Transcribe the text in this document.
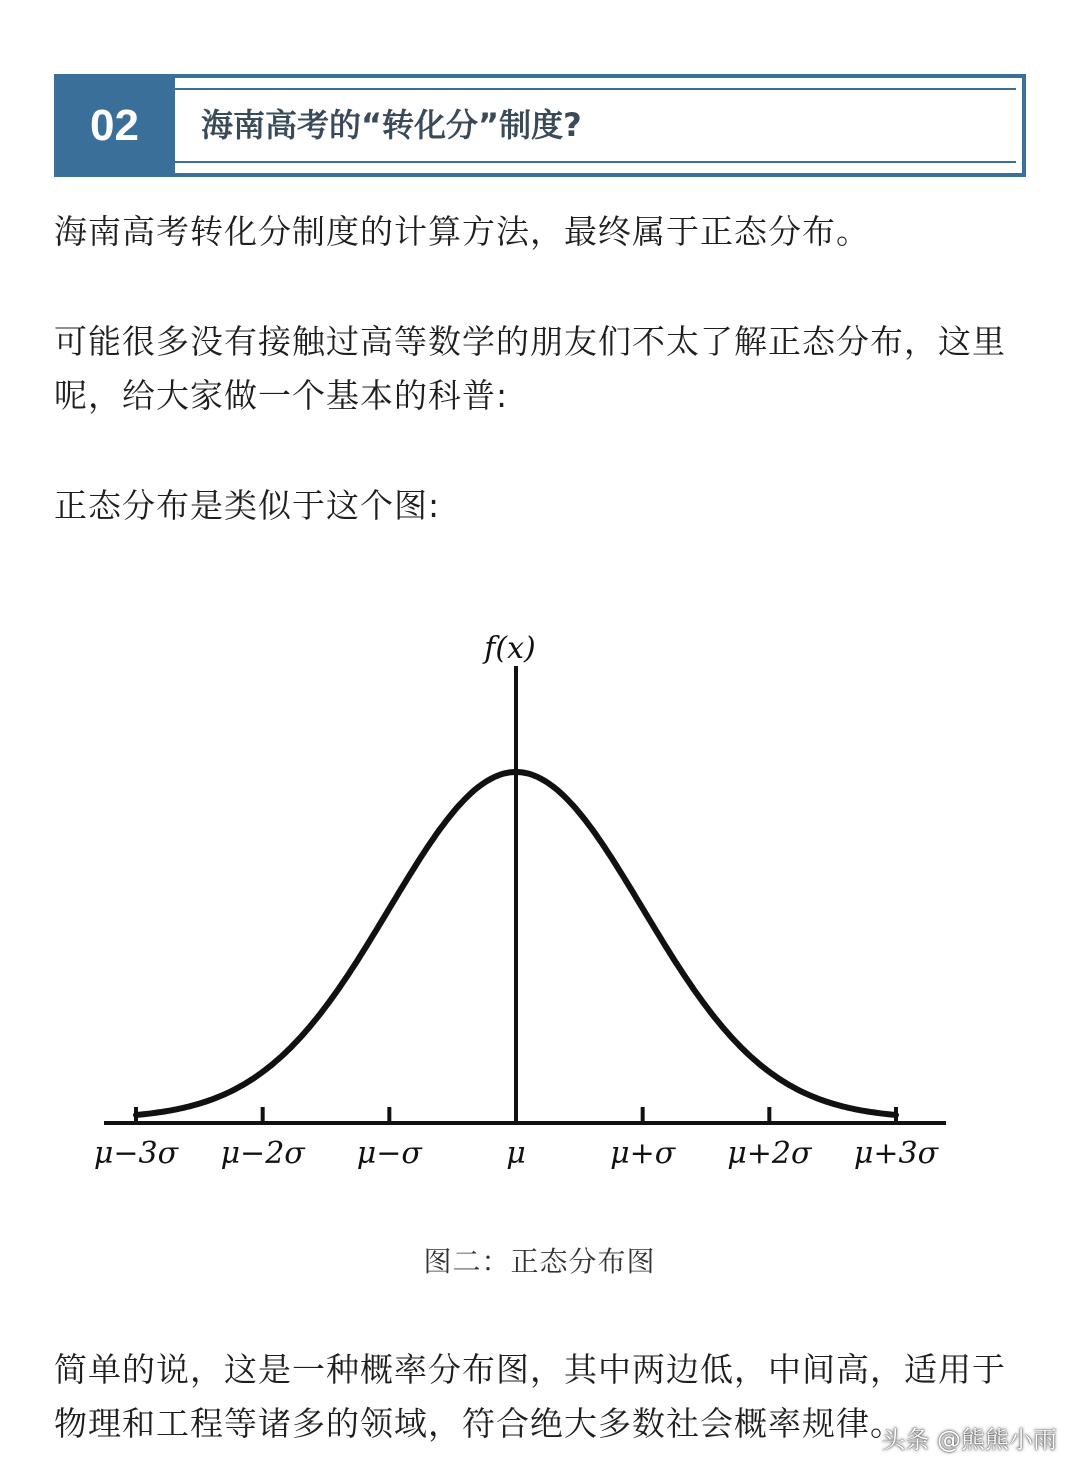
02	海南高考的“转化分”制度?

海南高考转化分制度的计算方法，最终属于正态分布。

可能很多没有接触过高等数学的朋友们不太了解正态分布，这里呢，给大家做一个基本的科普:

正态分布是类似于这个图:

f(x)
μ−3σ μ−2σ μ−σ	μ	μ+σ μ+2σ μ+3σ
图二：正态分布图

简单的说，这是一种概率分布图，其中两边低，中间高，适用于物理和工程等诸多的领域，符合绝大多数社会概率规律。

头条 @熊熊小雨
